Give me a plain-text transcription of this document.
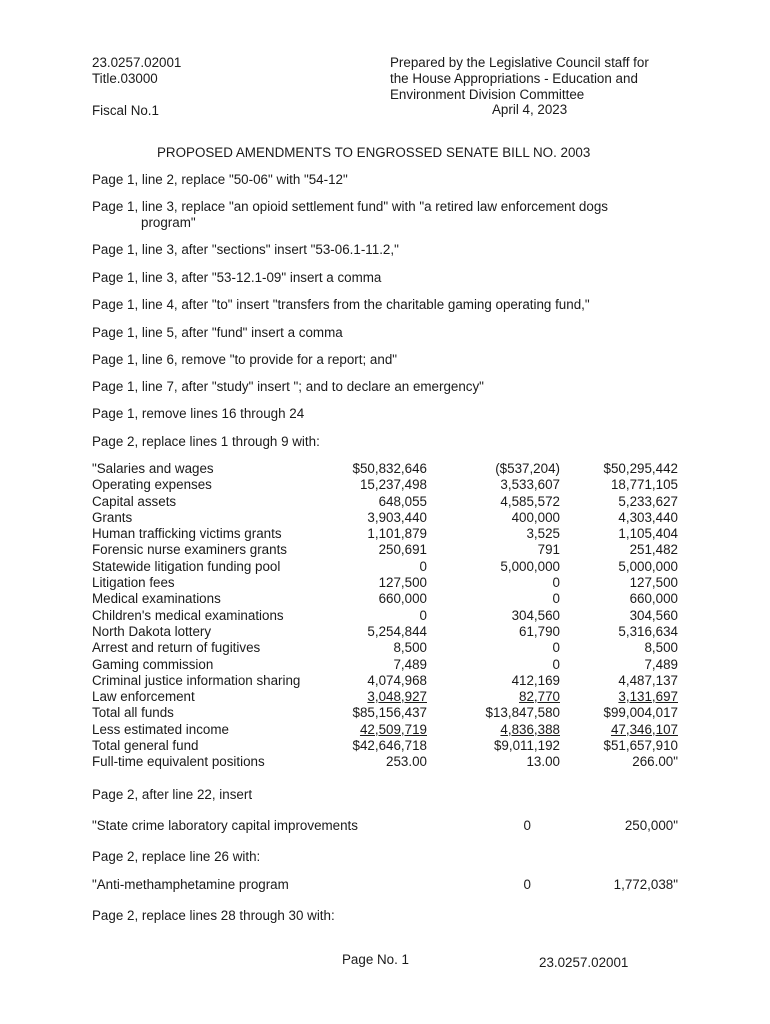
23.0257.02001
Title.03000
Fiscal No.1
Prepared by the Legislative Council staff for
the House Appropriations - Education and
Environment Division Committee
April 4, 2023
PROPOSED AMENDMENTS TO ENGROSSED SENATE BILL NO. 2003
Page 1, line 2, replace "50-06" with "54-12"
Page 1, line 3, replace "an opioid settlement fund" with "a retired law enforcement dogs
program"
Page 1, line 3, after "sections" insert "53-06.1-11.2,"
Page 1, line 3, after "53-12.1-09" insert a comma
Page 1, line 4, after "to" insert "transfers from the charitable gaming operating fund,"
Page 1, line 5, after "fund" insert a comma
Page 1, line 6, remove "to provide for a report; and"
Page 1, line 7, after "study" insert "; and to declare an emergency"
Page 1, remove lines 16 through 24
Page 2, replace lines 1 through 9 with:
"Salaries and wages	$50,832,646	($537,204)	$50,295,442
Operating expenses	15,237,498	3,533,607	18,771,105
Capital assets	648,055	4,585,572	5,233,627
Grants	3,903,440	400,000	4,303,440
Human trafficking victims grants	1,101,879	3,525	1,105,404
Forensic nurse examiners grants	250,691	791	251,482
Statewide litigation funding pool	0	5,000,000	5,000,000
Litigation fees	127,500	0	127,500
Medical examinations	660,000	0	660,000
Children's medical examinations	0	304,560	304,560
North Dakota lottery	5,254,844	61,790	5,316,634
Arrest and return of fugitives	8,500	0	8,500
Gaming commission	7,489	0	7,489
Criminal justice information sharing	4,074,968	412,169	4,487,137
Law enforcement	3,048,927	82,770	3,131,697
Total all funds	$85,156,437	$13,847,580	$99,004,017
Less estimated income	42,509,719	4,836,388	47,346,107
Total general fund	$42,646,718	$9,011,192	$51,657,910
Full-time equivalent positions	253.00	13.00	266.00"
Page 2, after line 22, insert
"State crime laboratory capital improvements	0	250,000"
Page 2, replace line 26 with:
"Anti-methamphetamine program	0	1,772,038"
Page 2, replace lines 28 through 30 with:
Page No. 1	23.0257.02001
